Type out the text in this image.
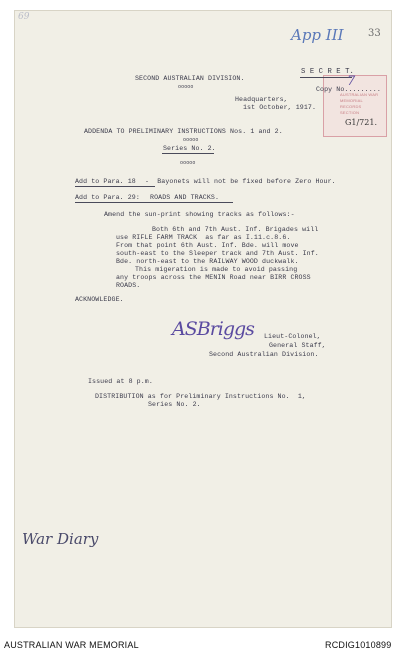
69
App III 33
AUSTRALIAN WAR
MEMORIAL
RECORDS
SECTION
G1/721.
SECOND AUSTRALIAN DIVISION.
ooooo
S E C R E T.
Copy No.........
7
Headquarters,
1st October, 1917.
ADDENDA TO PRELIMINARY INSTRUCTIONS Nos. 1 and 2.
ooooo
Series No. 2.
ooooo
Add to Para. 18 -  Bayonets will not be fixed before Zero Hour.
Add to Para. 29: ROADS AND TRACKS.
Amend the sun-print showing tracks as follows:-
Both 6th and 7th Aust. Inf. Brigades will
use RIFLE FARM TRACK  as far as I.11.c.8.6.
From that point 6th Aust. Inf. Bde. will move
south-east to the Sleeper track and 7th Aust. Inf.
Bde. north-east to the RAILWAY WOOD duckwalk.
This migeration is made to avoid passing
any troops across the MENIN Road near BIRR CROSS
ROADS.
ACKNOWLEDGE.
ASBriggs Lieut-Colonel,
General Staff,
Second Australian Division.
Issued at 8 p.m.
DISTRIBUTION as for Preliminary Instructions No.  1,
Series No. 2.
War Diary
AUSTRALIAN WAR MEMORIAL	RCDIG1010899
